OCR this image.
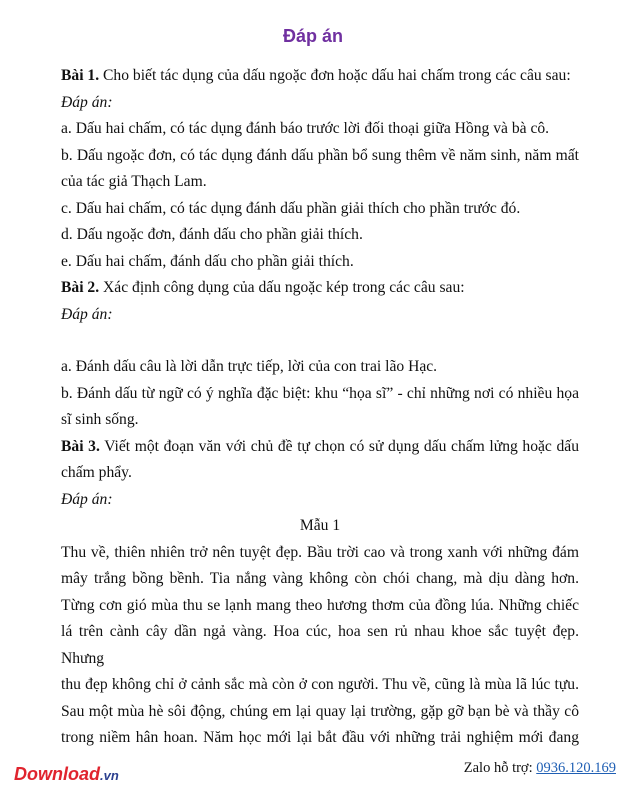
Đáp án

Bài 1. Cho biết tác dụng của dấu ngoặc đơn hoặc dấu hai chấm trong các câu sau:

Đáp án:

a. Dấu hai chấm, có tác dụng đánh báo trước lời đối thoại giữa Hồng và bà cô.

b. Dấu ngoặc đơn, có tác dụng đánh dấu phần bổ sung thêm về năm sinh, năm mất

của tác giả Thạch Lam.

c. Dấu hai chấm, có tác dụng đánh dấu phần giải thích cho phần trước đó.

d. Dấu ngoặc đơn, đánh dấu cho phần giải thích.

e. Dấu hai chấm, đánh dấu cho phần giải thích.

Bài 2. Xác định công dụng của dấu ngoặc kép trong các câu sau:

Đáp án:

a. Đánh dấu câu là lời dẫn trực tiếp, lời của con trai lão Hạc.

b. Đánh dấu từ ngữ có ý nghĩa đặc biệt: khu “họa sĩ” - chỉ những nơi có nhiều họa

sĩ sinh sống.

Bài 3. Viết một đoạn văn với chủ đề tự chọn có sử dụng dấu chấm lửng hoặc dấu

chấm phẩy.

Đáp án:

Mẫu 1

Thu về, thiên nhiên trở nên tuyệt đẹp. Bầu trời cao và trong xanh với những đám

mây trắng bồng bềnh. Tia nắng vàng không còn chói chang, mà dịu dàng hơn.

Từng cơn gió mùa thu se lạnh mang theo hương thơm của đồng lúa. Những chiếc

lá trên cành cây dần ngả vàng. Hoa cúc, hoa sen rủ nhau khoe sắc tuyệt đẹp. Nhưng

thu đẹp không chỉ ở cảnh sắc mà còn ở con người. Thu về, cũng là mùa lã lúc tựu.

Sau một mùa hè sôi động, chúng em lại quay lại trường, gặp gỡ bạn bè và thầy cô

trong niềm hân hoan. Năm học mới lại bắt đầu với những trải nghiệm mới đang

Download.vn	Zalo hỗ trợ: 0936.120.169
